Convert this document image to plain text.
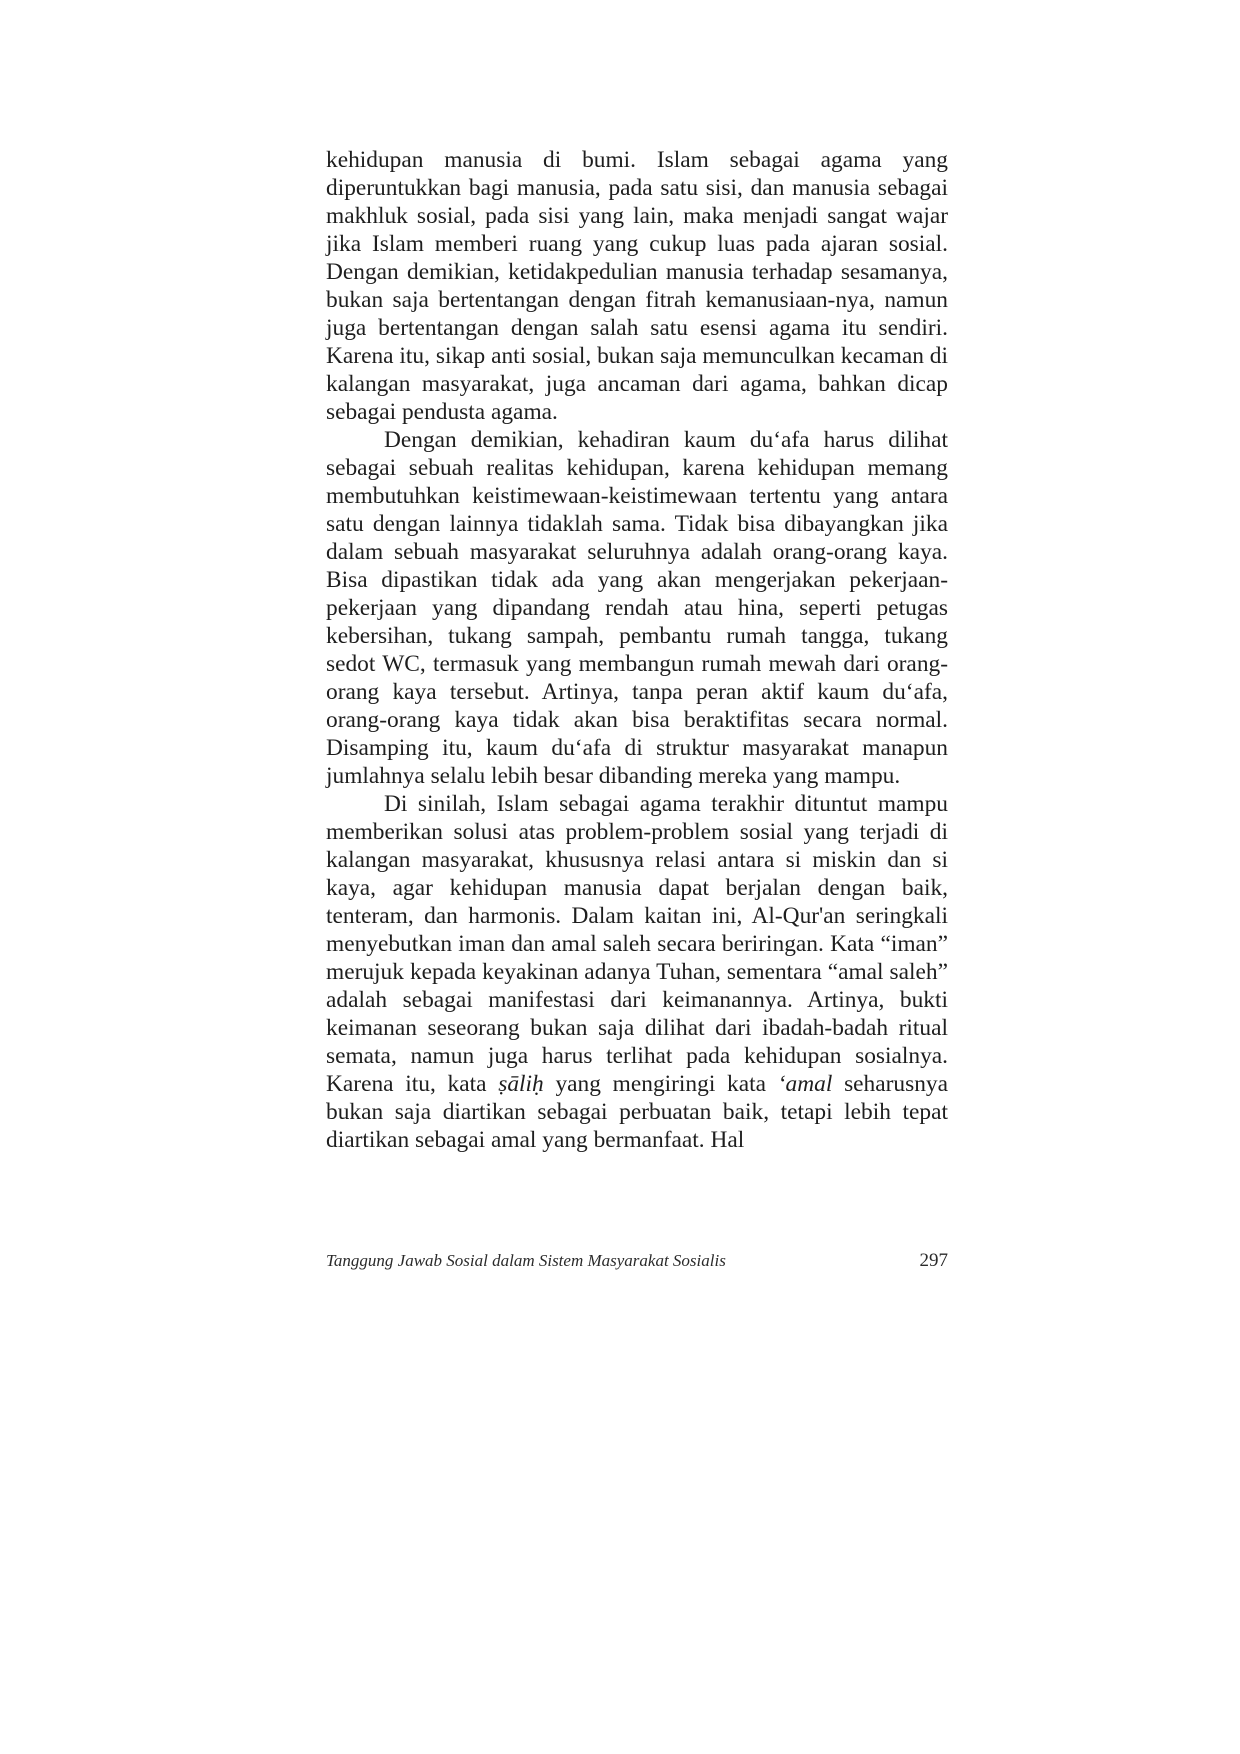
kehidupan manusia di bumi. Islam sebagai agama yang diperuntukkan bagi manusia, pada satu sisi, dan manusia sebagai makhluk sosial, pada sisi yang lain, maka menjadi sangat wajar jika Islam memberi ruang yang cukup luas pada ajaran sosial. Dengan demikian, ketidakpedulian manusia terhadap sesamanya, bukan saja bertentangan dengan fitrah kemanusiaan-nya, namun juga bertentangan dengan salah satu esensi agama itu sendiri. Karena itu, sikap anti sosial, bukan saja memunculkan kecaman di kalangan masyarakat, juga ancaman dari agama, bahkan dicap sebagai pendusta agama.

Dengan demikian, kehadiran kaum du‘afa harus dilihat sebagai sebuah realitas kehidupan, karena kehidupan memang membutuhkan keistimewaan-keistimewaan tertentu yang antara satu dengan lainnya tidaklah sama. Tidak bisa dibayangkan jika dalam sebuah masyarakat seluruhnya adalah orang-orang kaya. Bisa dipastikan tidak ada yang akan mengerjakan pekerjaan-pekerjaan yang dipandang rendah atau hina, seperti petugas kebersihan, tukang sampah, pembantu rumah tangga, tukang sedot WC, termasuk yang membangun rumah mewah dari orang-orang kaya tersebut. Artinya, tanpa peran aktif kaum du‘afa, orang-orang kaya tidak akan bisa beraktifitas secara normal. Disamping itu, kaum du‘afa di struktur masyarakat manapun jumlahnya selalu lebih besar dibanding mereka yang mampu.

Di sinilah, Islam sebagai agama terakhir dituntut mampu memberikan solusi atas problem-problem sosial yang terjadi di kalangan masyarakat, khususnya relasi antara si miskin dan si kaya, agar kehidupan manusia dapat berjalan dengan baik, tenteram, dan harmonis. Dalam kaitan ini, Al-Qur'an seringkali menyebutkan iman dan amal saleh secara beriringan. Kata “iman” merujuk kepada keyakinan adanya Tuhan, sementara “amal saleh” adalah sebagai manifestasi dari keimanannya. Artinya, bukti keimanan seseorang bukan saja dilihat dari ibadah-badah ritual semata, namun juga harus terlihat pada kehidupan sosialnya. Karena itu, kata ṣāliḥ yang mengiringi kata ‘amal seharusnya bukan saja diartikan sebagai perbuatan baik, tetapi lebih tepat diartikan sebagai amal yang bermanfaat. Hal

Tanggung Jawab Sosial dalam Sistem Masyarakat Sosialis	297
